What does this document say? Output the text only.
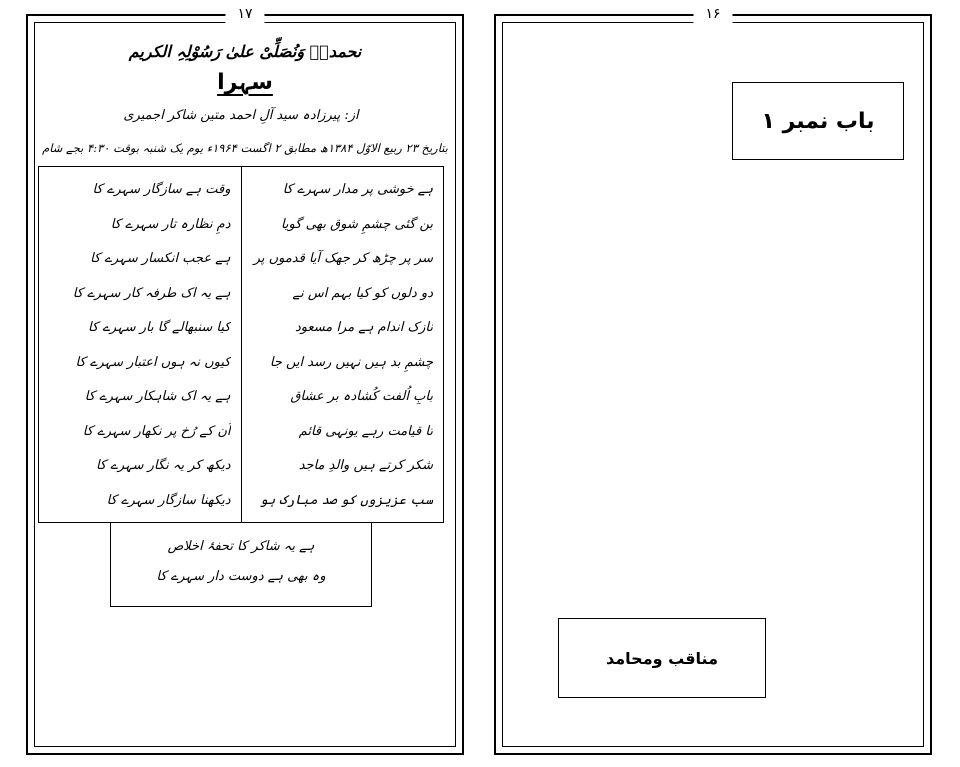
۱۷
نحمدہٗ وَنُصَلِّیْ علیٰ رَسُوْلِہِ الکریم
سہرا
از: پیرزادہ سید آلِ احمد متین شاکر اجمیری
بتاریخ ۲۳ ربیع الاوّل ۱۳۸۴ھ مطابق ۲ اگست ۱۹۶۴ء یوم یک شنبہ بوقت ۴:۳۰ بجے شام
وقت ہے سازگار سہرے کا
دمِ نظارہ تار سہرے کا
ہے عجب انکسار سہرے کا
ہے یہ اک طرفہ کار سہرے کا
کیا سنبھالے گا بار سہرے کا
کیوں نہ ہوں اعتبار سہرے کا
ہے یہ اک شاہکار سہرے کا
اُن کے رُخ پر نکھار سہرے کا
دیکھ کر یہ نگار سہرے کا
دیکھنا سازگار سہرے کا
ہے خوشی پر مدار سہرے کا
بن گئی چشمِ شوق بھی گویا
سر پر چڑھ کر جھک آیا قدموں پر
دو دلوں کو کیا بہم اس نے
نازک اندام ہے مرا مسعود
چشمِ بد ہیں نہیں رسد ایں جا
بابِ اُلفت کُشادہ بر عشاق
تا قیامت رہے یونہی قائم
شکر کرتے ہیں والدِ ماجد
سب عزیزوں کو صد مبارک ہو
ہے یہ شاکر کا تحفۂ اخلاص
وہ بھی ہے دوست دار سہرے کا
۱۶
باب نمبر ۱
مناقب ومحامد
